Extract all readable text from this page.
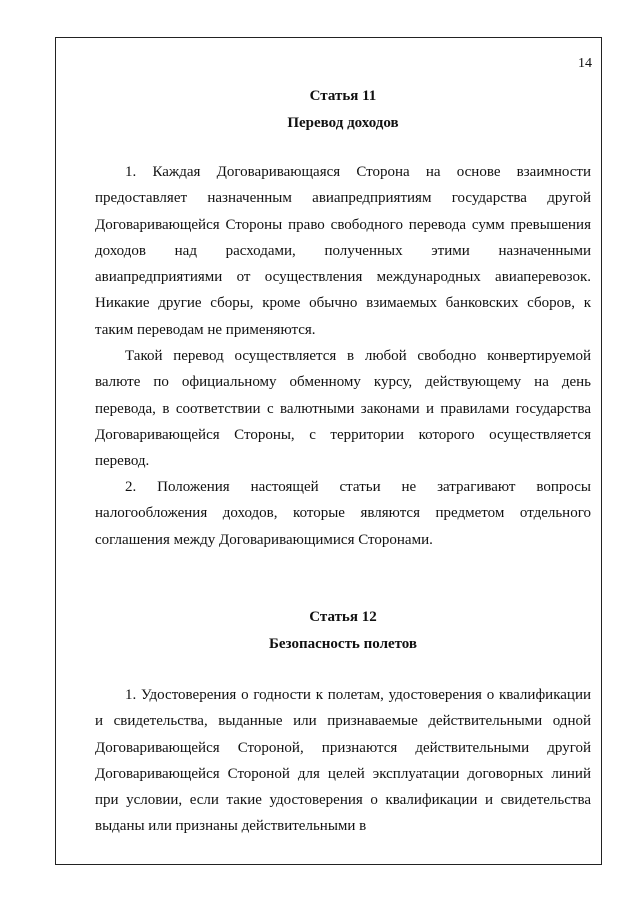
14
Статья 11
Перевод доходов

1. Каждая Договаривающаяся Сторона на основе взаимности предоставляет назначенным авиапредприятиям государства другой Договаривающейся Стороны право свободного перевода сумм превышения доходов над расходами, полученных этими назначенными авиапредприятиями от осуществления международных авиаперевозок. Никакие другие сборы, кроме обычно взимаемых банковских сборов, к таким переводам не применяются.

Такой перевод осуществляется в любой свободно конвертируемой валюте по официальному обменному курсу, действующему на день перевода, в соответствии с валютными законами и правилами государства Договаривающейся Стороны, с территории которого осуществляется перевод.

2. Положения настоящей статьи не затрагивают вопросы налогообложения доходов, которые являются предметом отдельного соглашения между Договаривающимися Сторонами.

Статья 12
Безопасность полетов

1. Удостоверения о годности к полетам, удостоверения о квалификации и свидетельства, выданные или признаваемые действительными одной Договаривающейся Стороной, признаются действительными другой Договаривающейся Стороной для целей эксплуатации договорных линий при условии, если такие удостоверения о квалификации и свидетельства выданы или признаны действительными в
